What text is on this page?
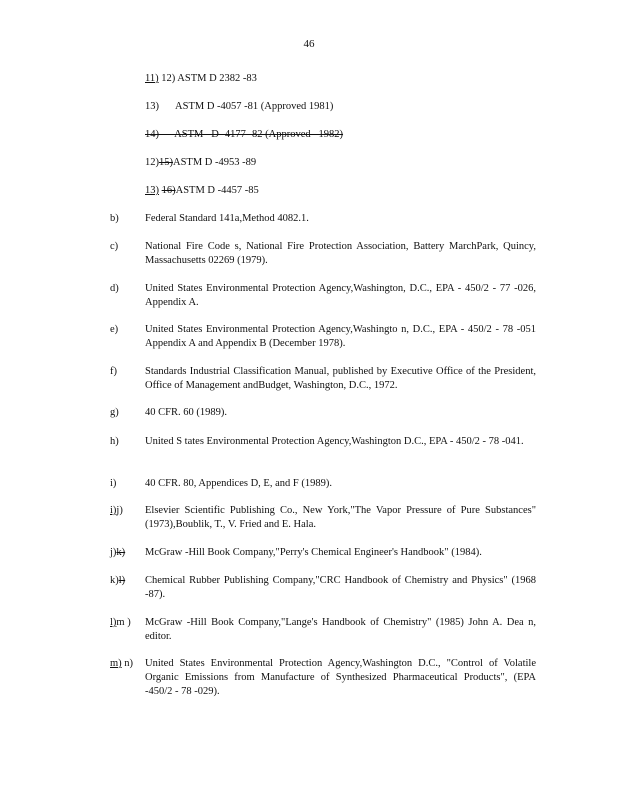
46
11) 12) ASTM D 2382 -83
13) ASTM D -4057 -81 (Approved 1981)
14)      ASTM   D -4177 -82 (Approved   1982)
12)15)ASTM D -4953 -89
13) 16)ASTM D -4457 -85
b)	Federal Standard 141a,Method 4082.1.
c)	National Fire Code s, National Fire Protection Association, Battery MarchPark, Quincy, Massachusetts 02269 (1979).
d)	United States Environmental Protection Agency,Washington, D.C., EPA - 450/2 - 77 -026, Appendix A.
e)	United States Environmental Protection Agency,Washingto n, D.C., EPA - 450/2 - 78 -051 Appendix A and Appendix B (December 1978).
f)	Standards Industrial Classification Manual, published by Executive Office of the President, Office of Management andBudget, Washington, D.C., 1972.
g)	40 CFR. 60 (1989).
h)	United S tates Environmental Protection Agency,Washington D.C., EPA - 450/2 - 78 -041.
i)	40 CFR. 80, Appendices D, E, and F (1989).
i)j) Elsevier Scientific Publishing Co., New York,"The Vapor Pressure of Pure Substances" (1973),Boublik, T., V. Fried and E. Hala.
j)k) McGraw -Hill Book Company,"Perry's Chemical Engineer's Handbook" (1984).
k)l) Chemical Rubber Publishing Company,"CRC Handbook of Chemistry and Physics" (1968 -87).
l)m ) McGraw -Hill Book Company,"Lange's Handbook of Chemistry" (1985) John A. Dea n, editor.
m) n) United States Environmental Protection Agency,Washington D.C., "Control of Volatile Organic Emissions from Manufacture of Synthesized Pharmaceutical Products", (EPA -450/2 - 78 -029).
